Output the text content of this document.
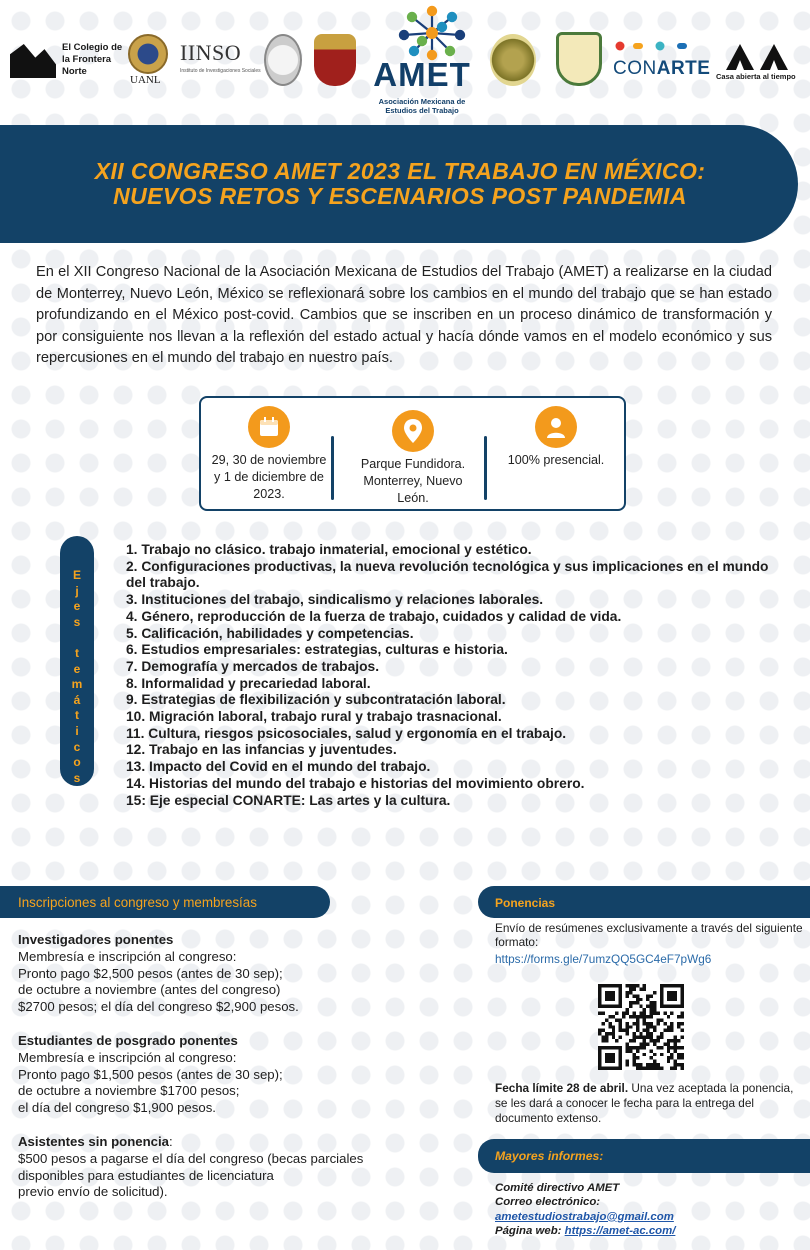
El Colegio de la Frontera Norte
UANL
IINSO
Instituto de Investigaciones Sociales	AMET
Asociación Mexicana de Estudios del Trabajo
CONARTE Casa abierta al tiempo
XII CONGRESO AMET 2023 EL TRABAJO EN MÉXICO:
NUEVOS RETOS Y ESCENARIOS POST PANDEMIA

En el XII Congreso Nacional de la Asociación Mexicana de Estudios del Trabajo (AMET) a realizarse en la ciudad de Monterrey, Nuevo León, México se reflexionará sobre los cambios en el mundo del trabajo que se han estado profundizando en el México post-covid. Cambios que se inscriben en un proceso dinámico de transformación y por consiguiente nos llevan a la reflexión del estado actual y hacía dónde vamos en el modelo económico y sus repercusiones en el mundo del trabajo en nuestro país.

29, 30 de noviembre y 1 de diciembre de 2023.
Parque Fundidora. Monterrey, Nuevo León.
100% presencial.
E
j
e
s

t
e
m
á
t
i
c
o
s
1. Trabajo no clásico. trabajo inmaterial, emocional y estético.
2. Configuraciones productivas, la nueva revolución tecnológica y sus implicaciones en el mundo del trabajo.
3. Instituciones del trabajo, sindicalismo y relaciones laborales.
4. Género, reproducción de la fuerza de trabajo, cuidados y calidad de vida.
5. Calificación, habilidades y competencias.
6. Estudios empresariales: estrategias, culturas e historia.
7. Demografía y mercados de trabajos.
8. Informalidad y precariedad laboral.
9. Estrategias de flexibilización y subcontratación laboral.
10. Migración laboral, trabajo rural y trabajo trasnacional.
11. Cultura, riesgos psicosociales, salud y ergonomía en el trabajo.
12. Trabajo en las infancias y juventudes.
13. Impacto del Covid en el mundo del trabajo.
14. Historias del mundo del trabajo e historias del movimiento obrero.
15: Eje especial CONARTE: Las artes y la cultura.
Inscripciones al congreso y membresías
Investigadores ponentes
Membresía e inscripción al congreso:
Pronto pago $2,500 pesos (antes de 30 sep);
de octubre a noviembre (antes del congreso)
$2700 pesos; el día del congreso $2,900 pesos.
Estudiantes de posgrado ponentes
Membresía e inscripción al congreso:
Pronto pago $1,500 pesos (antes de 30 sep);
de octubre a noviembre $1700 pesos;
el día del congreso $1,900 pesos.
Asistentes sin ponencia:
$500 pesos a pagarse el día del congreso (becas parciales
disponibles para estudiantes de licenciatura
previo envío de solicitud).
Ponencias
Envío de resúmenes exclusivamente a través del siguiente formato:
https://forms.gle/7umzQQ5GC4eF7pWg6
Fecha límite 28 de abril. Una vez aceptada la ponencia, se les dará a conocer le fecha para la entrega del documento extenso.
Mayores informes:
Comité directivo AMET
Correo electrónico:
ametestudiostrabajo@gmail.com
Página web: https://amet-ac.com/
